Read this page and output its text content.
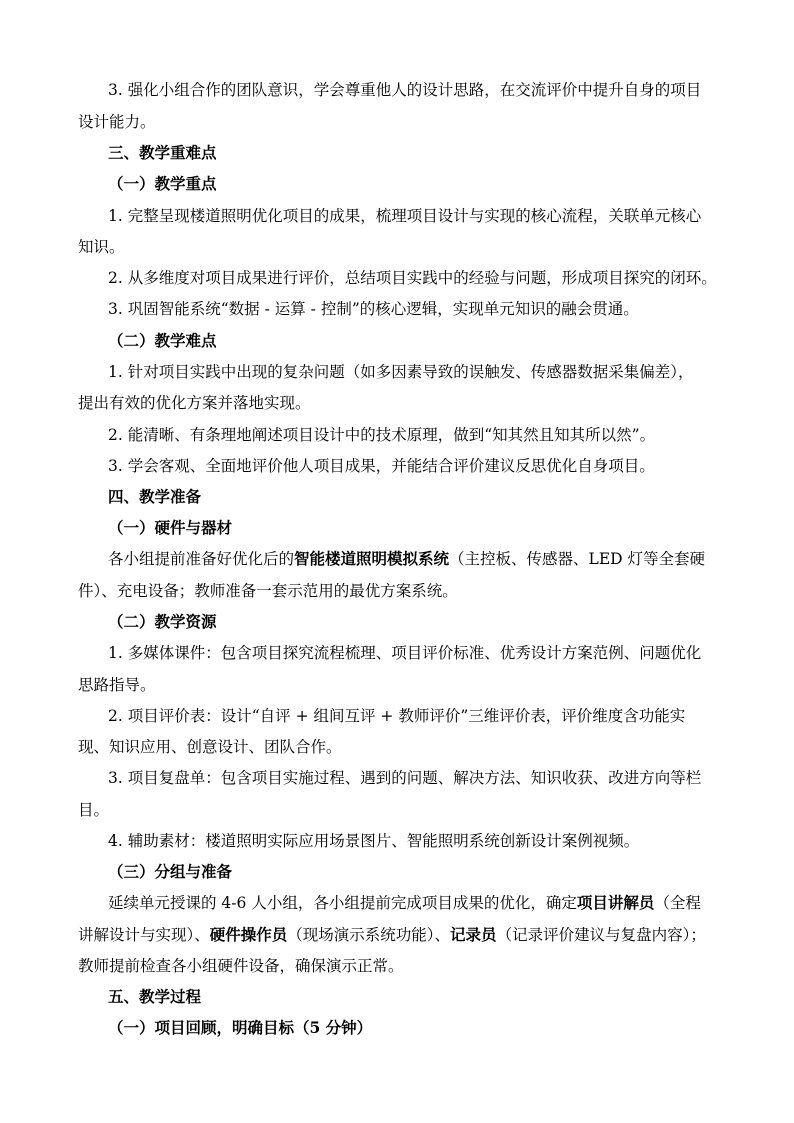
3. 强化小组合作的团队意识，学会尊重他人的设计思路，在交流评价中提升自身的项目
设计能力。
三、教学重难点
（一）教学重点
1. 完整呈现楼道照明优化项目的成果，梳理项目设计与实现的核心流程，关联单元核心
知识。
2. 从多维度对项目成果进行评价，总结项目实践中的经验与问题，形成项目探究的闭环。
3. 巩固智能系统“数据 - 运算 - 控制”的核心逻辑，实现单元知识的融会贯通。
（二）教学难点
1. 针对项目实践中出现的复杂问题（如多因素导致的误触发、传感器数据采集偏差），
提出有效的优化方案并落地实现。
2. 能清晰、有条理地阐述项目设计中的技术原理，做到“知其然且知其所以然”。
3. 学会客观、全面地评价他人项目成果，并能结合评价建议反思优化自身项目。
四、教学准备
（一）硬件与器材
各小组提前准备好优化后的智能楼道照明模拟系统（主控板、传感器、LED 灯等全套硬
件）、充电设备；教师准备一套示范用的最优方案系统。
（二）教学资源
1. 多媒体课件：包含项目探究流程梳理、项目评价标准、优秀设计方案范例、问题优化
思路指导。
2. 项目评价表：设计“自评 + 组间互评 + 教师评价”三维评价表，评价维度含功能实
现、知识应用、创意设计、团队合作。
3. 项目复盘单：包含项目实施过程、遇到的问题、解决方法、知识收获、改进方向等栏
目。
4. 辅助素材：楼道照明实际应用场景图片、智能照明系统创新设计案例视频。
（三）分组与准备
延续单元授课的 4-6 人小组，各小组提前完成项目成果的优化，确定项目讲解员（全程
讲解设计与实现）、硬件操作员（现场演示系统功能）、记录员（记录评价建议与复盘内容）；
教师提前检查各小组硬件设备，确保演示正常。
五、教学过程
（一）项目回顾，明确目标（5 分钟）
